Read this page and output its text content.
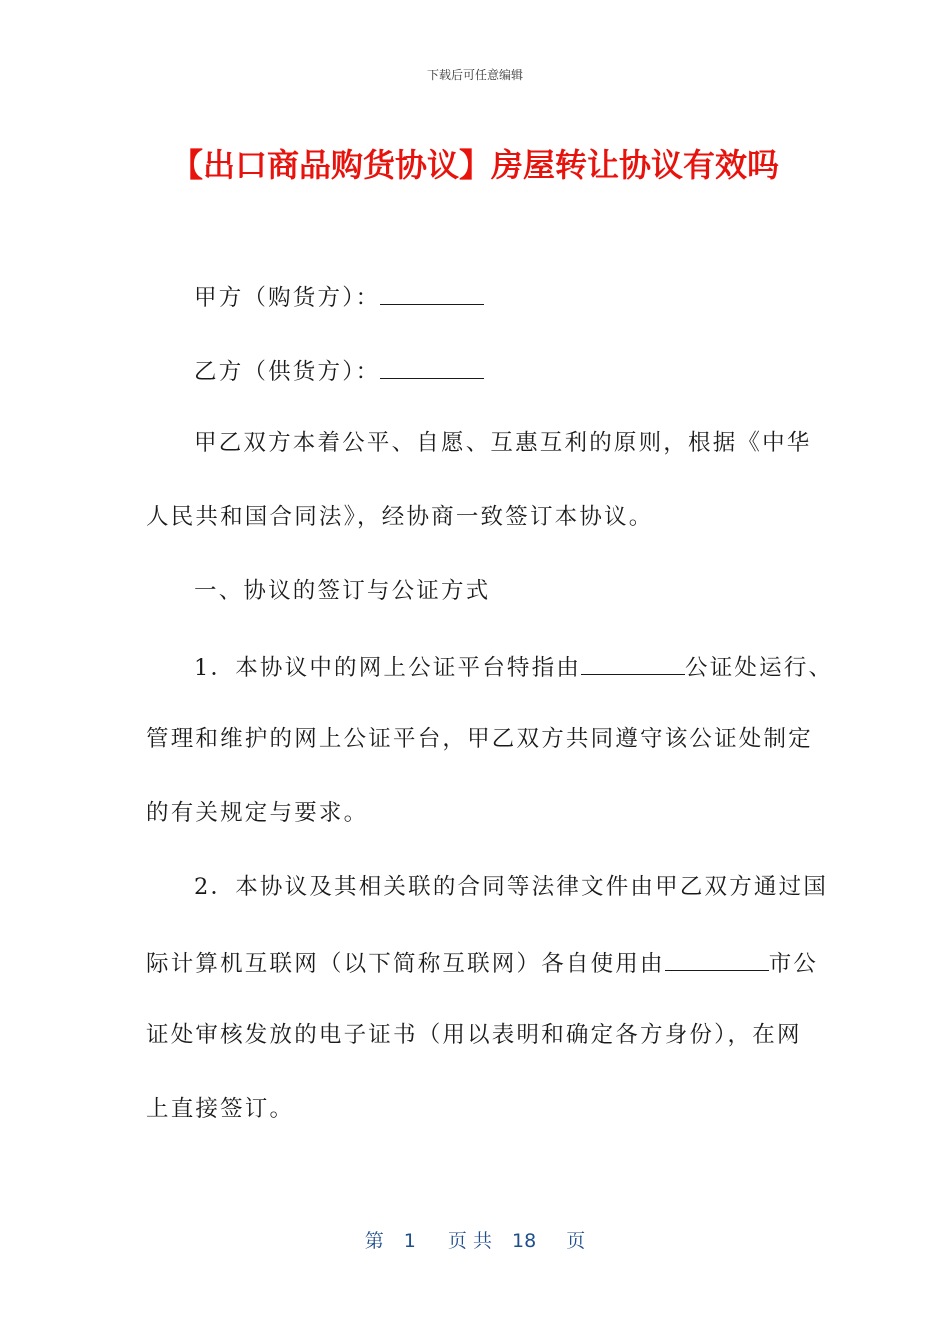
下载后可任意编辑
【出口商品购货协议】房屋转让协议有效吗
甲方（购货方）：
乙方（供货方）：
甲乙双方本着公平、自愿、互惠互利的原则，根据《中华
人民共和国合同法》，经协商一致签订本协议。
一、协议的签订与公证方式
1．本协议中的网上公证平台特指由	公证处运行、
管理和维护的网上公证平台，甲乙双方共同遵守该公证处制定
的有关规定与要求。
2．本协议及其相关联的合同等法律文件由甲乙双方通过国
际计算机互联网（以下简称互联网）各自使用由	市公
证处审核发放的电子证书（用以表明和确定各方身份），在网
上直接签订。
第 1 页 共 18 页
